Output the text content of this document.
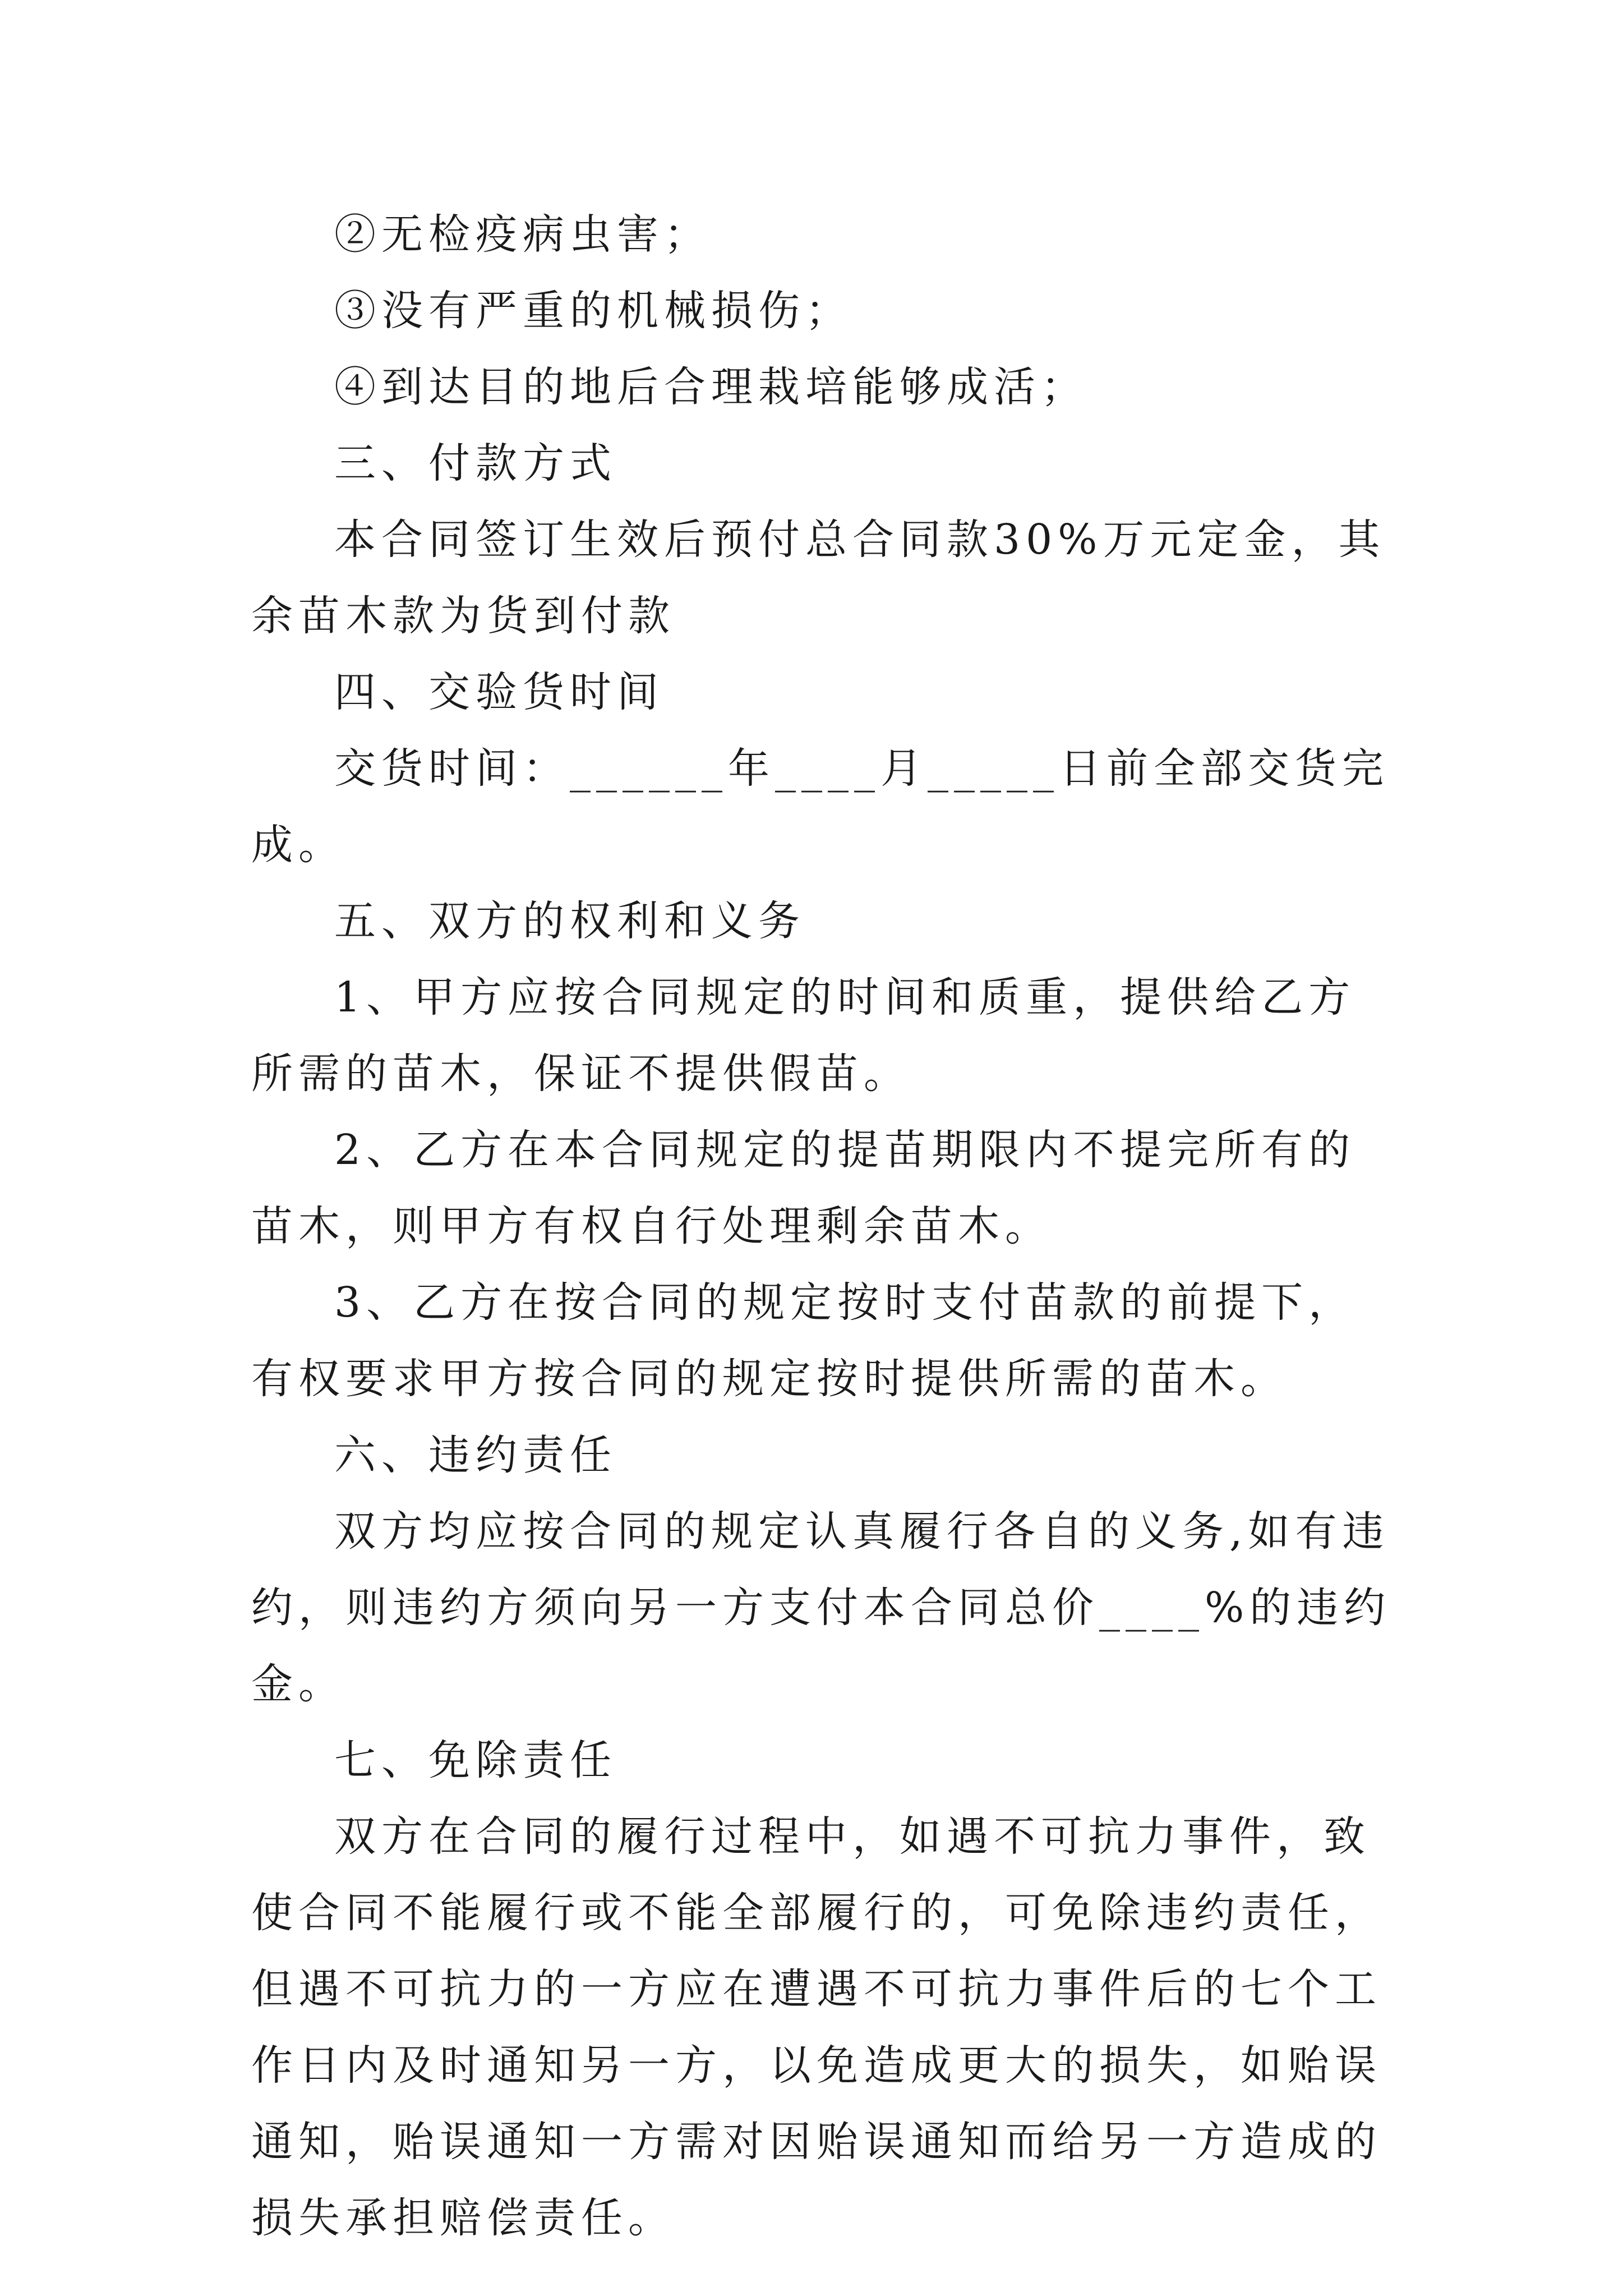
②无检疫病虫害；

③没有严重的机械损伤；

④到达目的地后合理栽培能够成活；

三、付款方式

本合同签订生效后预付总合同款30%万元定金，其余苗木款为货到付款

四、交验货时间

交货时间：______年____月_____日前全部交货完成。

五、双方的权利和义务

1、甲方应按合同规定的时间和质重，提供给乙方所需的苗木，保证不提供假苗。

2、乙方在本合同规定的提苗期限内不提完所有的苗木，则甲方有权自行处理剩余苗木。

3、乙方在按合同的规定按时支付苗款的前提下，有权要求甲方按合同的规定按时提供所需的苗木。

六、违约责任

双方均应按合同的规定认真履行各自的义务,如有违约，则违约方须向另一方支付本合同总价____%的违约金。

七、免除责任

双方在合同的履行过程中，如遇不可抗力事件，致使合同不能履行或不能全部履行的，可免除违约责任，但遇不可抗力的一方应在遭遇不可抗力事件后的七个工作日内及时通知另一方，以免造成更大的损失，如贻误通知，贻误通知一方需对因贻误通知而给另一方造成的损失承担赔偿责任。
